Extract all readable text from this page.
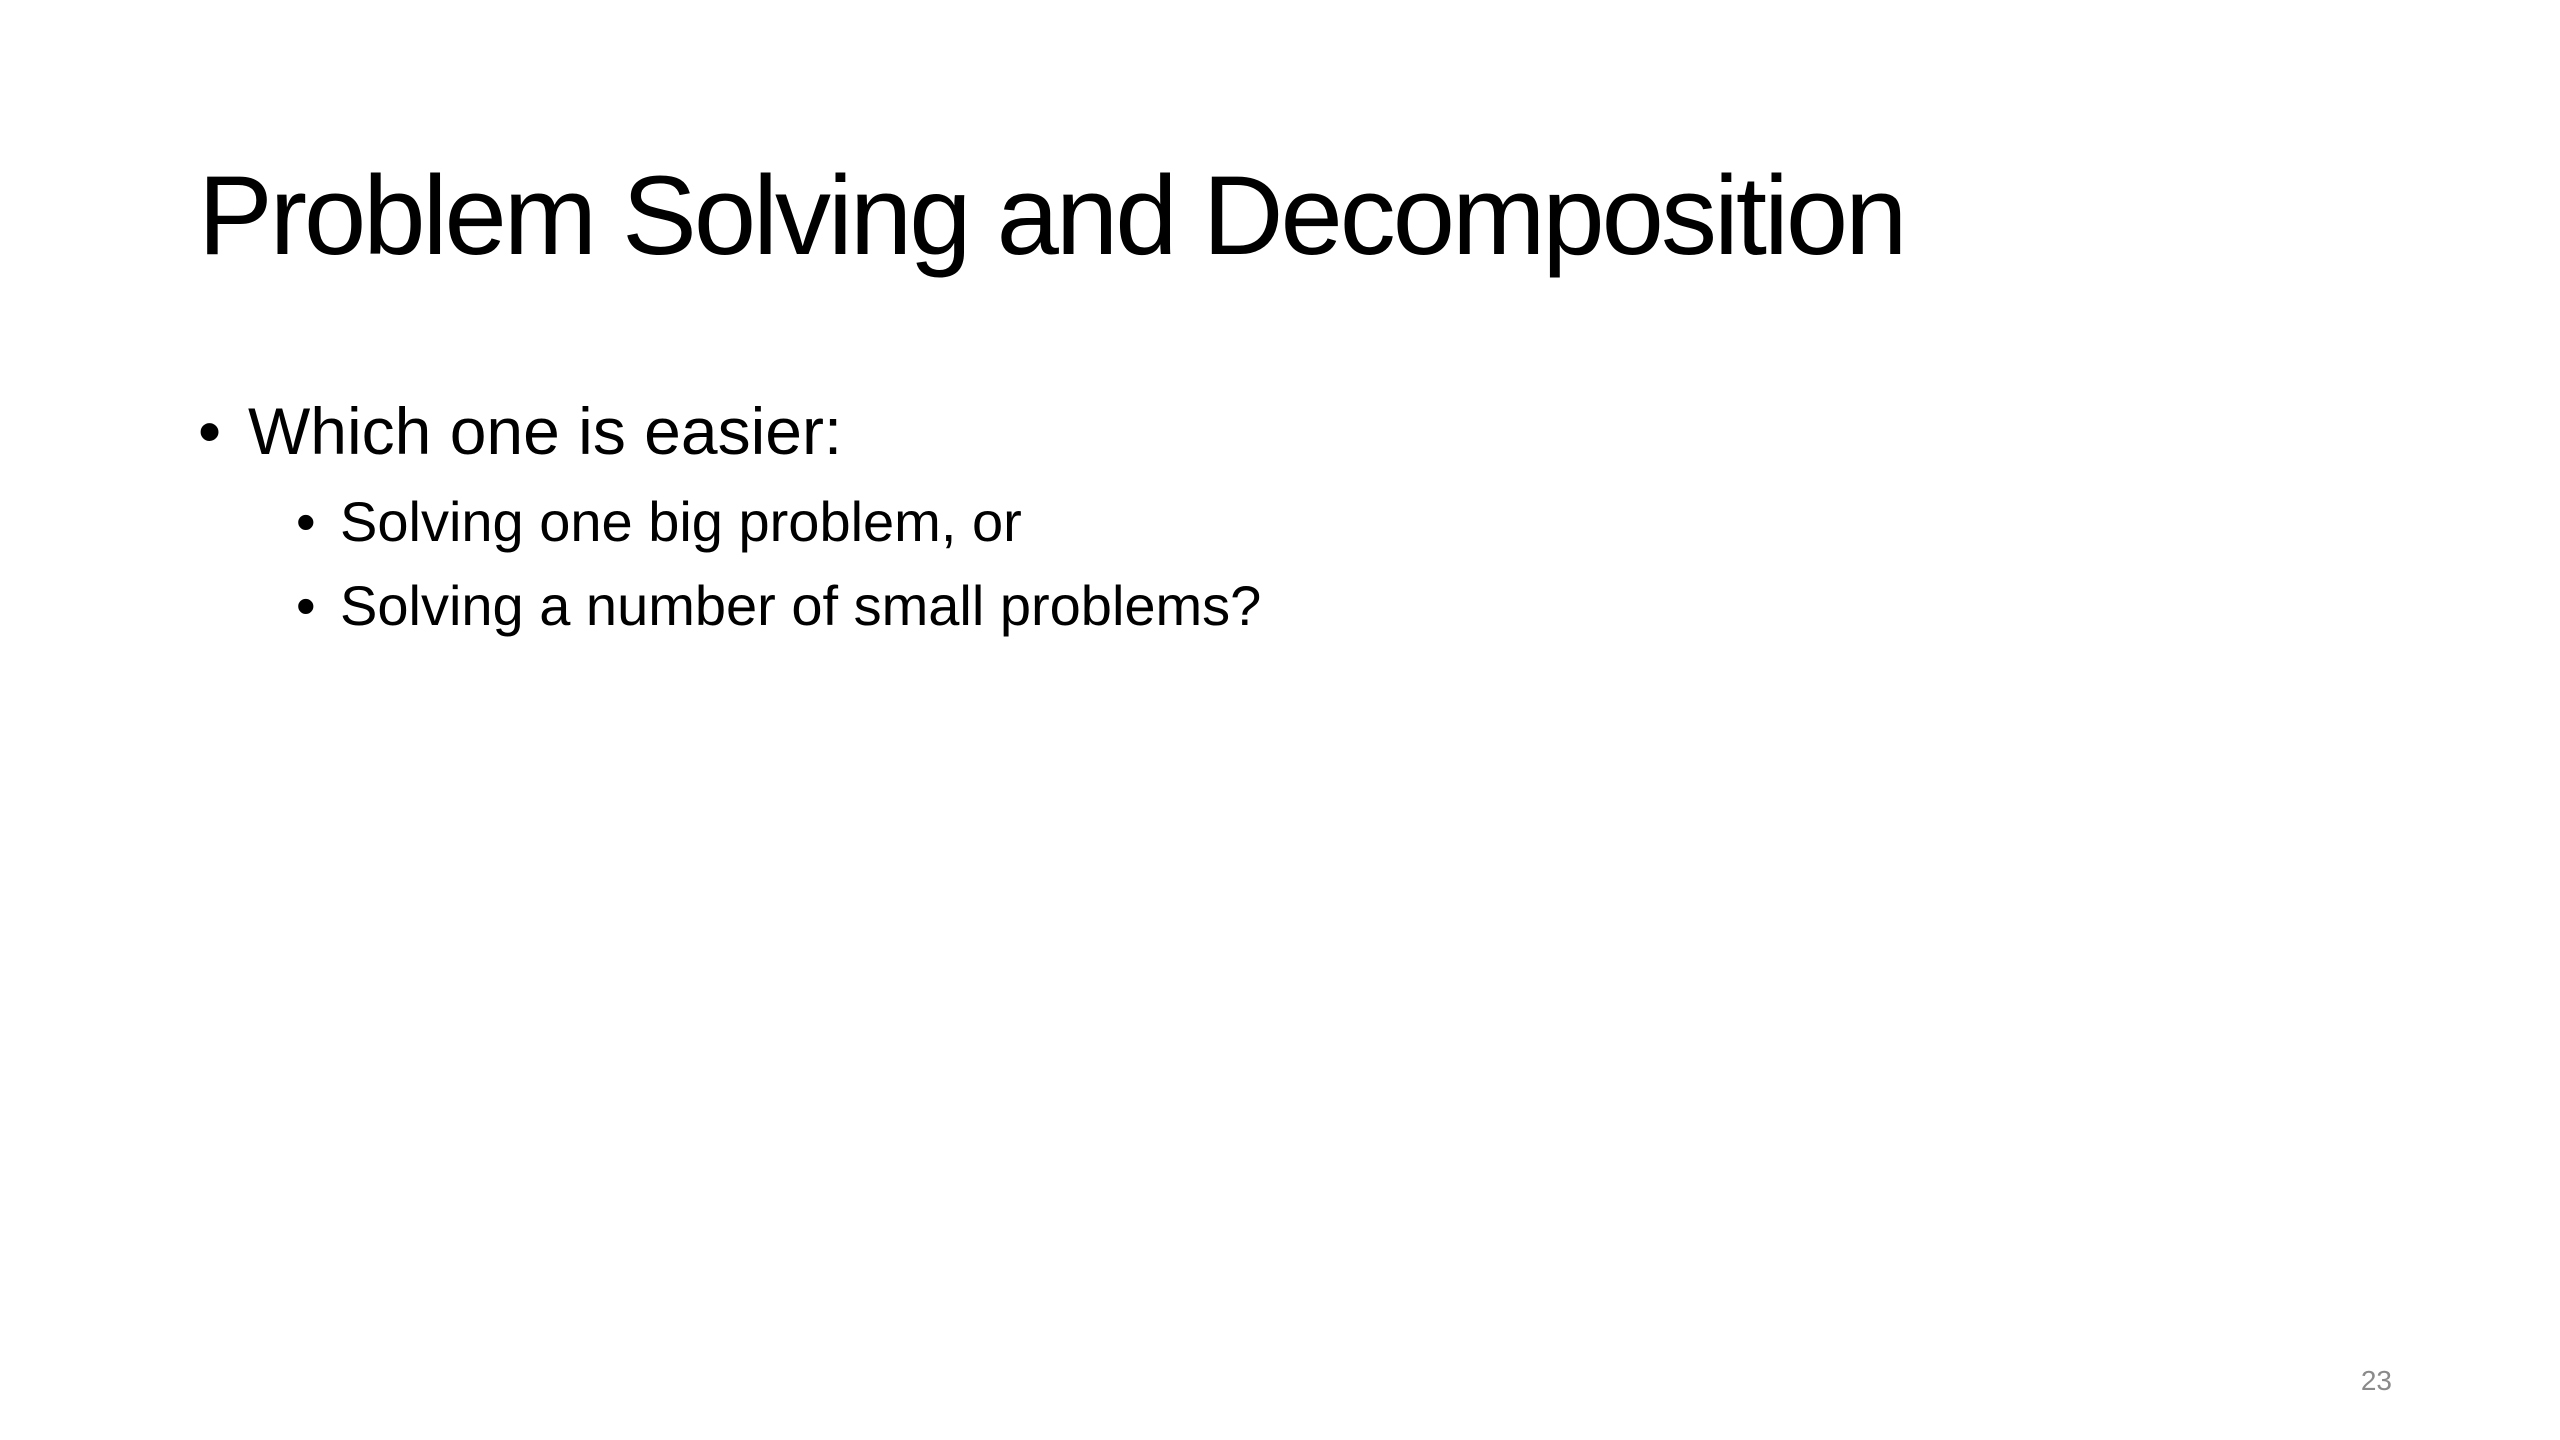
Problem Solving and Decomposition
• Which one is easier:
• Solving one big problem, or
• Solving a number of small problems?
23
